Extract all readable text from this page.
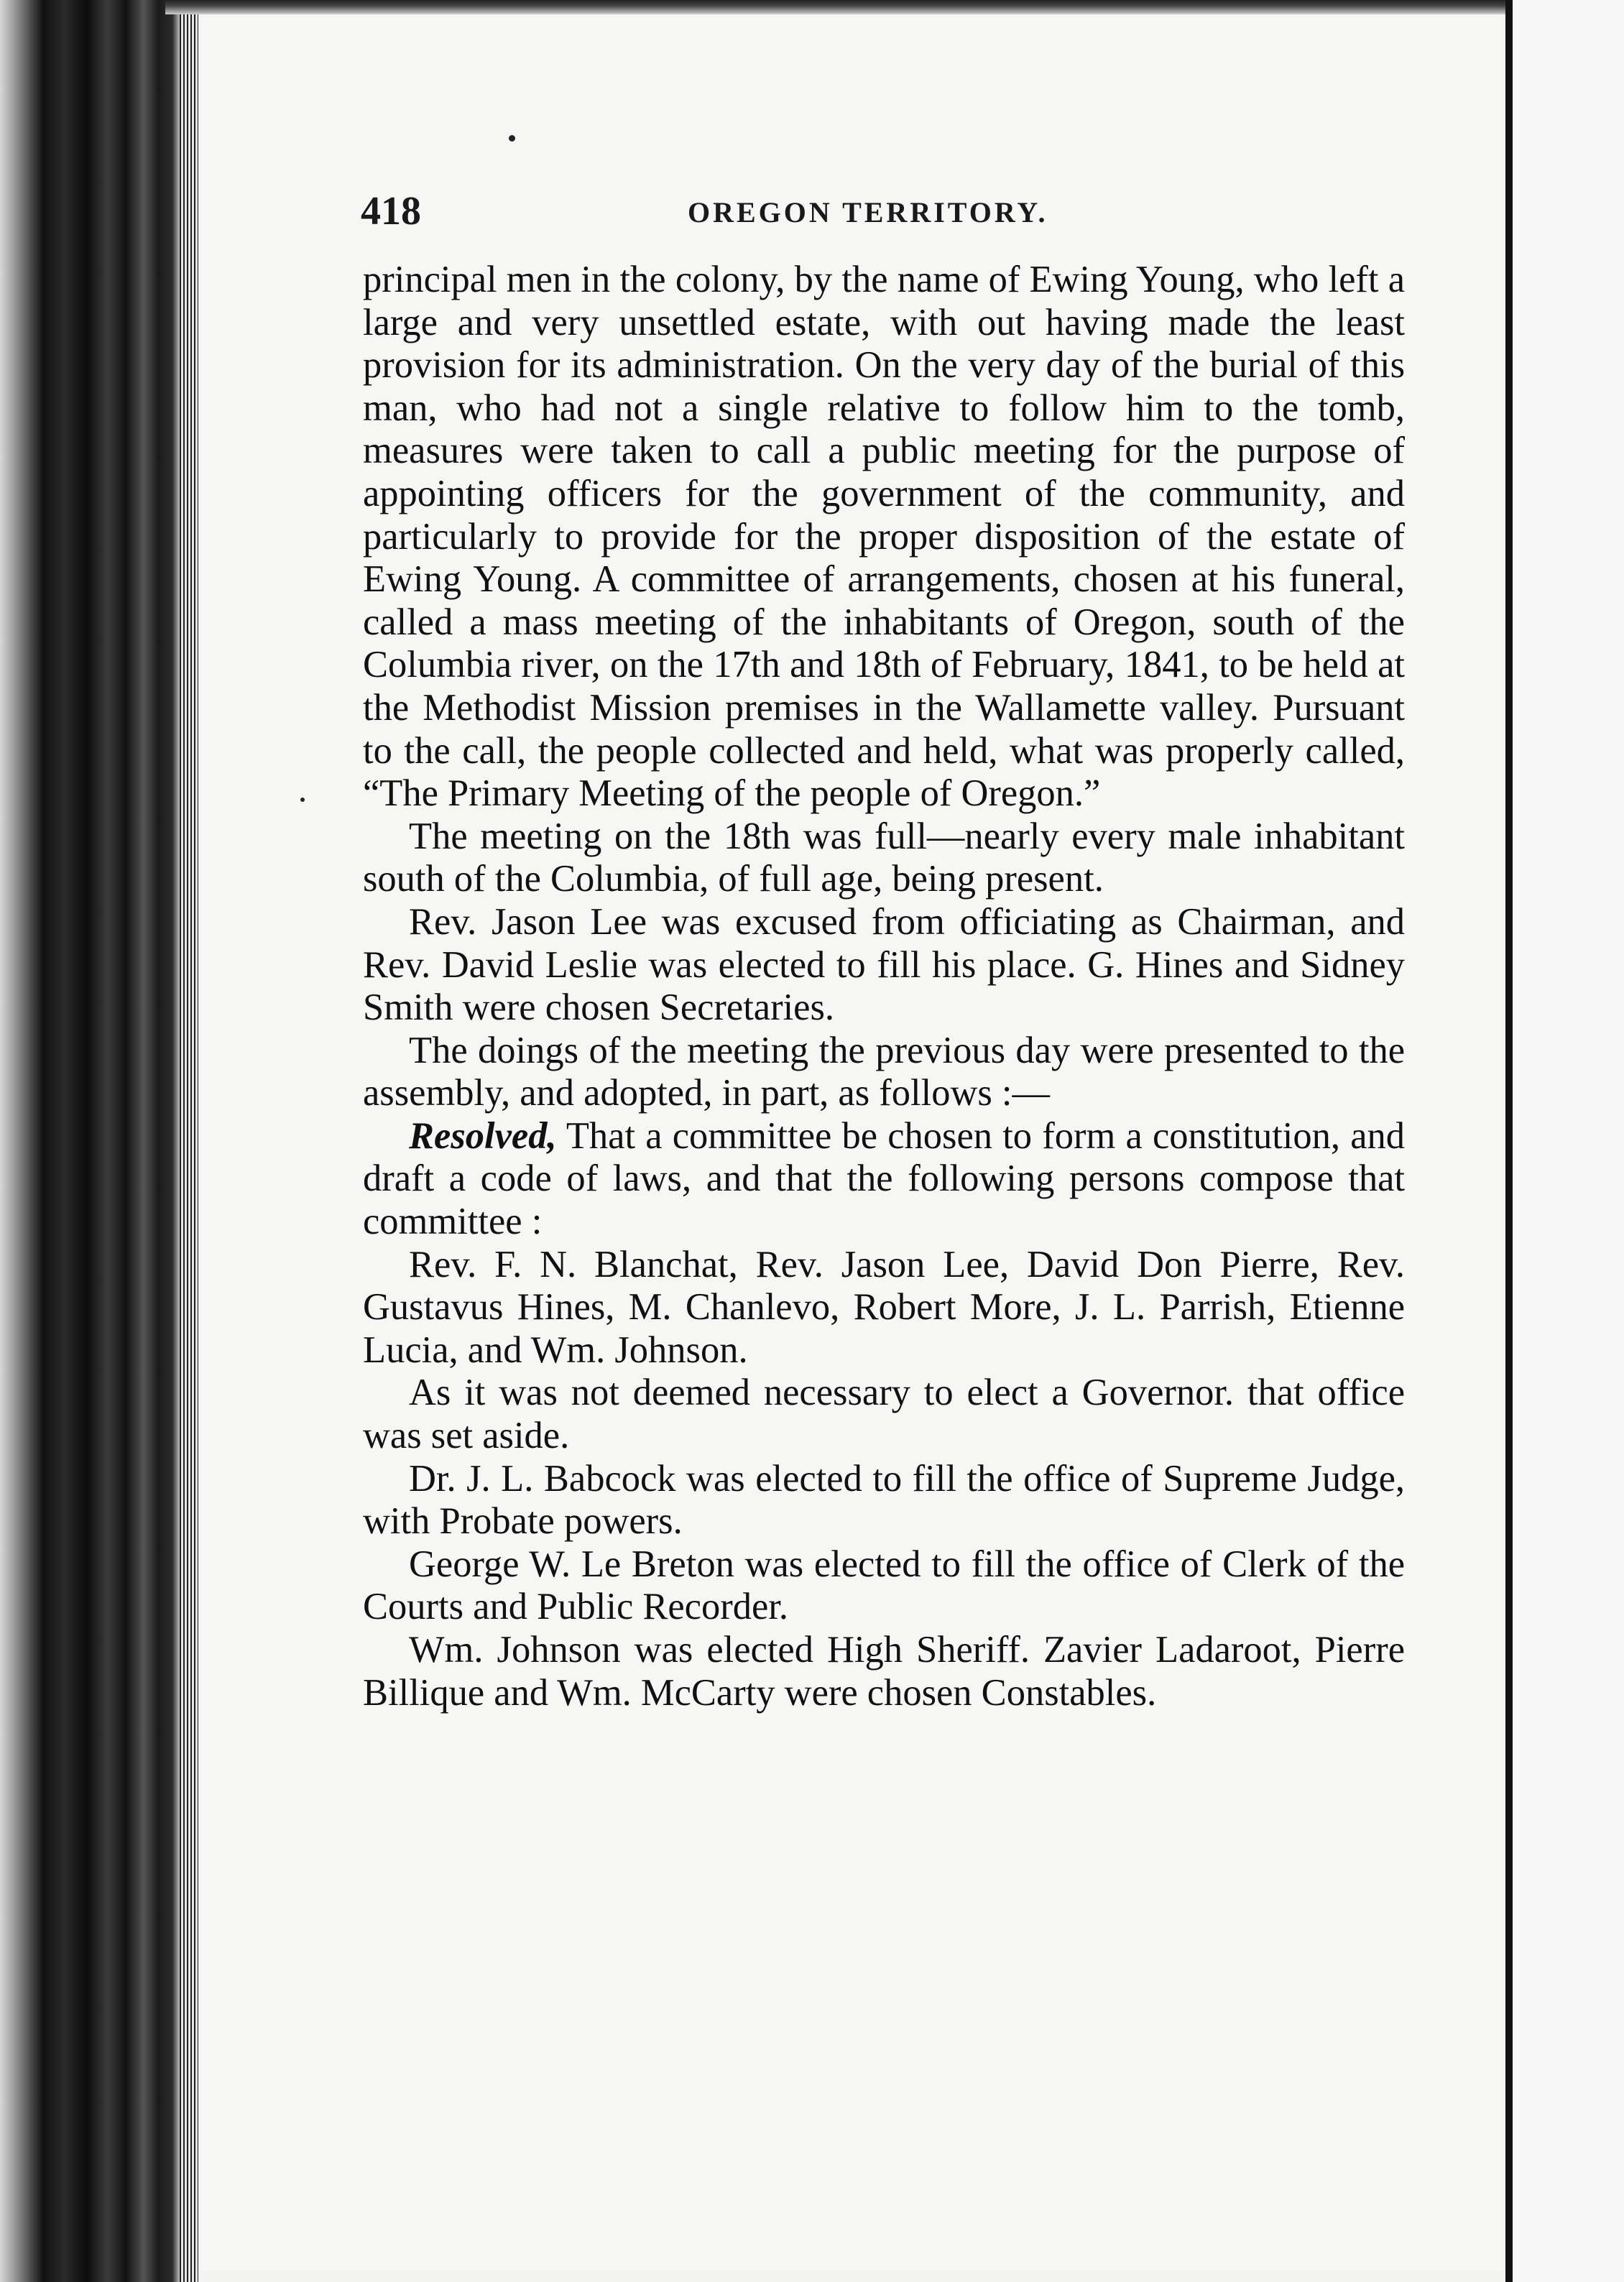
418	OREGON TERRITORY.

principal men in the colony, by the name of Ewing Young, who left a large and very unsettled estate, with out having made the least provision for its administration. On the very day of the burial of this man, who had not a single relative to follow him to the tomb, measures were taken to call a public meeting for the purpose of appointing officers for the government of the community, and particularly to provide for the proper disposition of the estate of Ewing Young. A committee of arrangements, chosen at his funeral, called a mass meeting of the inhabitants of Oregon, south of the Columbia river, on the 17th and 18th of February, 1841, to be held at the Methodist Mission premises in the Wallamette valley. Pursuant to the call, the people collected and held, what was properly called, “The Primary Meeting of the people of Oregon.”

The meeting on the 18th was full—nearly every male inhabitant south of the Columbia, of full age, being present.

Rev. Jason Lee was excused from officiating as Chairman, and Rev. David Leslie was elected to fill his place. G. Hines and Sidney Smith were chosen Secretaries.

The doings of the meeting the previous day were presented to the assembly, and adopted, in part, as follows :—

Resolved, That a committee be chosen to form a constitution, and draft a code of laws, and that the following persons compose that committee :

Rev. F. N. Blanchat, Rev. Jason Lee, David Don Pierre, Rev. Gustavus Hines, M. Chanlevo, Robert More, J. L. Parrish, Etienne Lucia, and Wm. Johnson.

As it was not deemed necessary to elect a Governor. that office was set aside.

Dr. J. L. Babcock was elected to fill the office of Supreme Judge, with Probate powers.

George W. Le Breton was elected to fill the office of Clerk of the Courts and Public Recorder.

Wm. Johnson was elected High Sheriff. Zavier Ladaroot, Pierre Billique and Wm. McCarty were chosen Constables.
